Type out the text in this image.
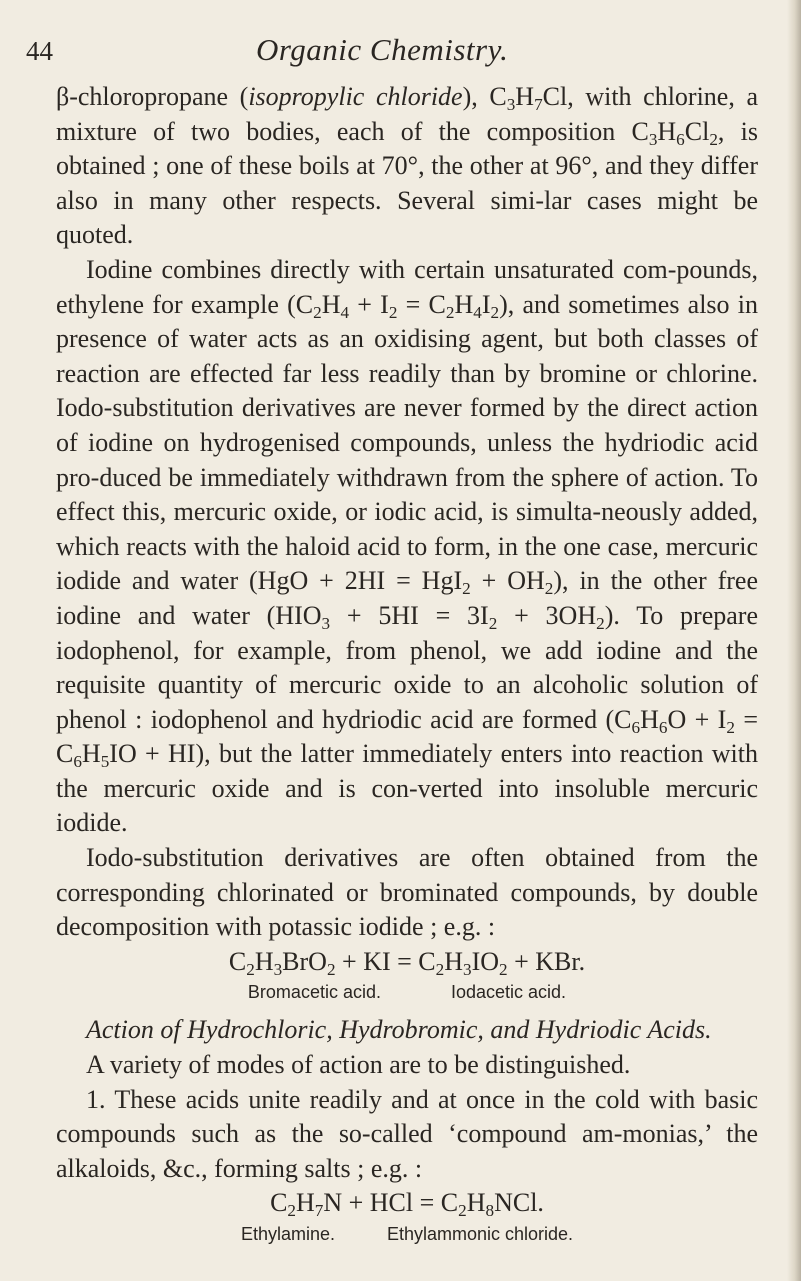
44	Organic Chemistry.

β-chloropropane (isopropylic chloride), $C_3H_7Cl$, with chlorine, a mixture of two bodies, each of the composition $C_3H_6Cl_2$, is obtained ; one of these boils at 70°, the other at 96°, and they differ also in many other respects. Several simi-lar cases might be quoted.

Iodine combines directly with certain unsaturated com-pounds, ethylene for example $(C_2H_4 + I_2 = C_2H_4I_2)$, and sometimes also in presence of water acts as an oxidising agent, but both classes of reaction are effected far less readily than by bromine or chlorine. Iodo-substitution derivatives are never formed by the direct action of iodine on hydrogenised compounds, unless the hydriodic acid pro-duced be immediately withdrawn from the sphere of action. To effect this, mercuric oxide, or iodic acid, is simulta-neously added, which reacts with the haloid acid to form, in the one case, mercuric iodide and water $(HgO + 2HI = HgI_2 + OH_2)$, in the other free iodine and water $(HIO_3 + 5HI = 3I_2 + 3OH_2)$. To prepare iodophenol, for example, from phenol, we add iodine and the requisite quantity of mercuric oxide to an alcoholic solution of phenol : iodophenol and hydriodic acid are formed $(C_6H_6O + I_2 = C_6H_5IO + HI)$, but the latter immediately enters into reaction with the mercuric oxide and is con-verted into insoluble mercuric iodide.

Iodo-substitution derivatives are often obtained from the corresponding chlorinated or brominated compounds, by double decomposition with potassic iodide ; e.g. :

$C_2H_3BrO_2$ + KI = $C_2H_3IO_2$ + KBr.

Bromacetic acid.	Iodacetic acid.

Action of Hydrochloric, Hydrobromic, and Hydriodic Acids.

A variety of modes of action are to be distinguished.

1. These acids unite readily and at once in the cold with basic compounds such as the so-called ‘compound am-monias,’ the alkaloids, &c., forming salts ; e.g. :

$C_2H_7N$ + HCl = $C_2H_8NCl$.

Ethylamine.	Ethylammonic chloride.
